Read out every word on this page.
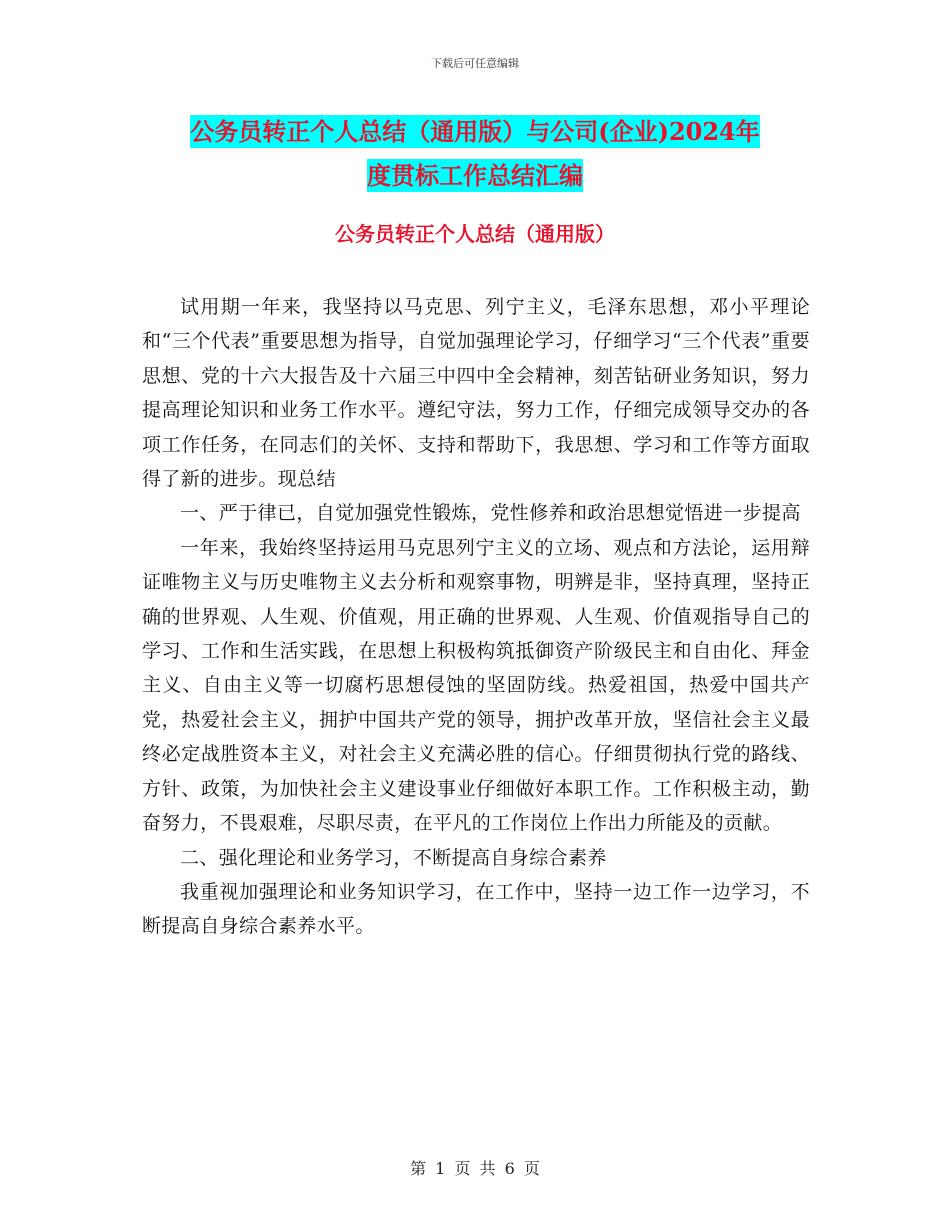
下载后可任意编辑
公务员转正个人总结（通用版）与公司(企业)2024年
度贯标工作总结汇编
公务员转正个人总结（通用版）

试用期一年来，我坚持以马克思、列宁主义，毛泽东思想，邓小平理论和“三个代表”重要思想为指导，自觉加强理论学习，仔细学习“三个代表”重要思想、党的十六大报告及十六届三中四中全会精神，刻苦钻研业务知识，努力提高理论知识和业务工作水平。遵纪守法，努力工作，仔细完成领导交办的各项工作任务，在同志们的关怀、支持和帮助下，我思想、学习和工作等方面取得了新的进步。现总结

一、严于律已，自觉加强党性锻炼，党性修养和政治思想觉悟进一步提高

一年来，我始终坚持运用马克思列宁主义的立场、观点和方法论，运用辩证唯物主义与历史唯物主义去分析和观察事物，明辨是非，坚持真理，坚持正确的世界观、人生观、价值观，用正确的世界观、人生观、价值观指导自己的学习、工作和生活实践，在思想上积极构筑抵御资产阶级民主和自由化、拜金主义、自由主义等一切腐朽思想侵蚀的坚固防线。热爱祖国，热爱中国共产党，热爱社会主义，拥护中国共产党的领导，拥护改革开放，坚信社会主义最终必定战胜资本主义，对社会主义充满必胜的信心。仔细贯彻执行党的路线、方针、政策，为加快社会主义建设事业仔细做好本职工作。工作积极主动，勤奋努力，不畏艰难，尽职尽责，在平凡的工作岗位上作出力所能及的贡献。

二、强化理论和业务学习，不断提高自身综合素养

我重视加强理论和业务知识学习，在工作中，坚持一边工作一边学习，不断提高自身综合素养水平。

第 1 页 共 6 页
